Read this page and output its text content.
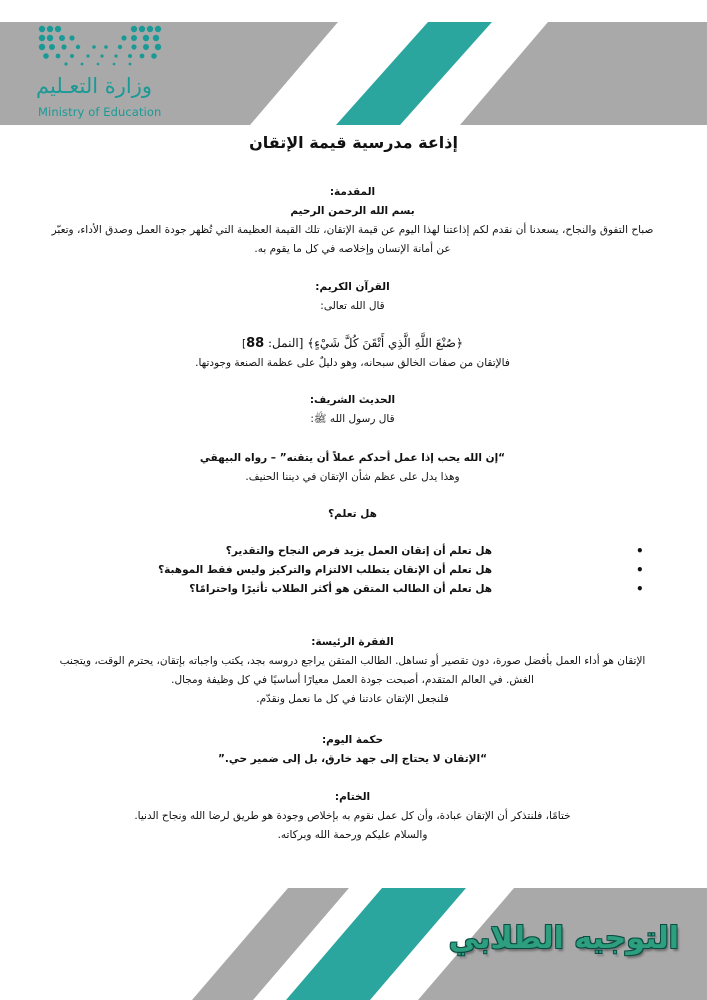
وزارة التعـليم
Ministry of Education
إذاعة مدرسية قيمة الإتقان

المقدمة:

بسم الله الرحمن الرحيم

صباح التفوق والنجاح، يسعدنا أن نقدم لكم إذاعتنا لهذا اليوم عن قيمة الإتقان، تلك القيمة العظيمة التي تُظهر جودة العمل وصدق الأداء، وتعبّر

عن أمانة الإنسان وإخلاصه في كل ما يقوم به.

القرآن الكريم:

قال الله تعالى:

﴿صُنْعَ اللَّهِ الَّذِي أَتْقَنَ كُلَّ شَيْءٍ﴾ [النمل: 88]

فالإتقان من صفات الخالق سبحانه، وهو دليلٌ على عظمة الصنعة وجودتها.

الحديث الشريف:

قال رسول الله ﷺ:

“إن الله يحب إذا عمل أحدكم عملاً أن يتقنه” – رواه البيهقي

وهذا يدل على عظم شأن الإتقان في ديننا الحنيف.

هل تعلم؟

هل تعلم أن إتقان العمل يزيد فرص النجاح والتقدير؟	•
هل تعلم أن الإتقان يتطلب الالتزام والتركيز وليس فقط الموهبة؟	•
هل تعلم أن الطالب المتقن هو أكثر الطلاب تأثيرًا واحترامًا؟	•

الفقرة الرئيسة:

الإتقان هو أداء العمل بأفضل صورة، دون تقصير أو تساهل. الطالب المتقن يراجع دروسه بجد، يكتب واجباته بإتقان، يحترم الوقت، ويتجنب

الغش. في العالم المتقدم، أصبحت جودة العمل معيارًا أساسيًا في كل وظيفة ومجال.

فلنجعل الإتقان عادتنا في كل ما نعمل ونقدّم.

حكمة اليوم:

“الإتقان لا يحتاج إلى جهد خارق، بل إلى ضمير حي.”

الختام:

ختامًا، فلنتذكر أن الإتقان عبادة، وأن كل عمل نقوم به بإخلاص وجودة هو طريق لرضا الله ونجاح الدنيا.

والسلام عليكم ورحمة الله وبركاته.

التوجيه الطلابي
